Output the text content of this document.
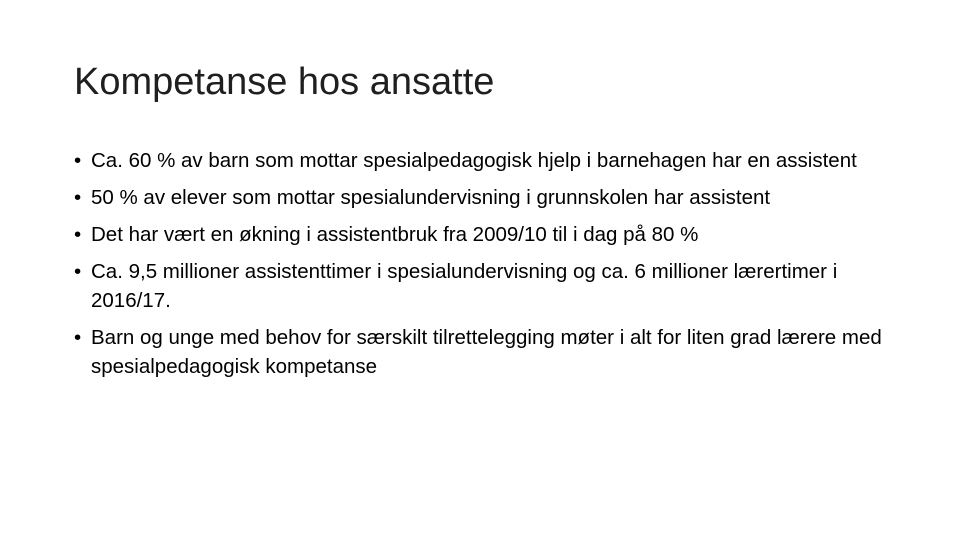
Kompetanse hos ansatte
• Ca. 60 % av barn som mottar spesialpedagogisk hjelp i barnehagen har en assistent
• 50 % av elever som mottar spesialundervisning i grunnskolen har assistent
• Det har vært en økning i assistentbruk fra 2009/10 til i dag på 80 %
• Ca. 9,5 millioner assistenttimer i spesialundervisning og ca. 6 millioner lærertimer i 2016/17.
• Barn og unge med behov for særskilt tilrettelegging møter i alt for liten grad lærere med spesialpedagogisk kompetanse
